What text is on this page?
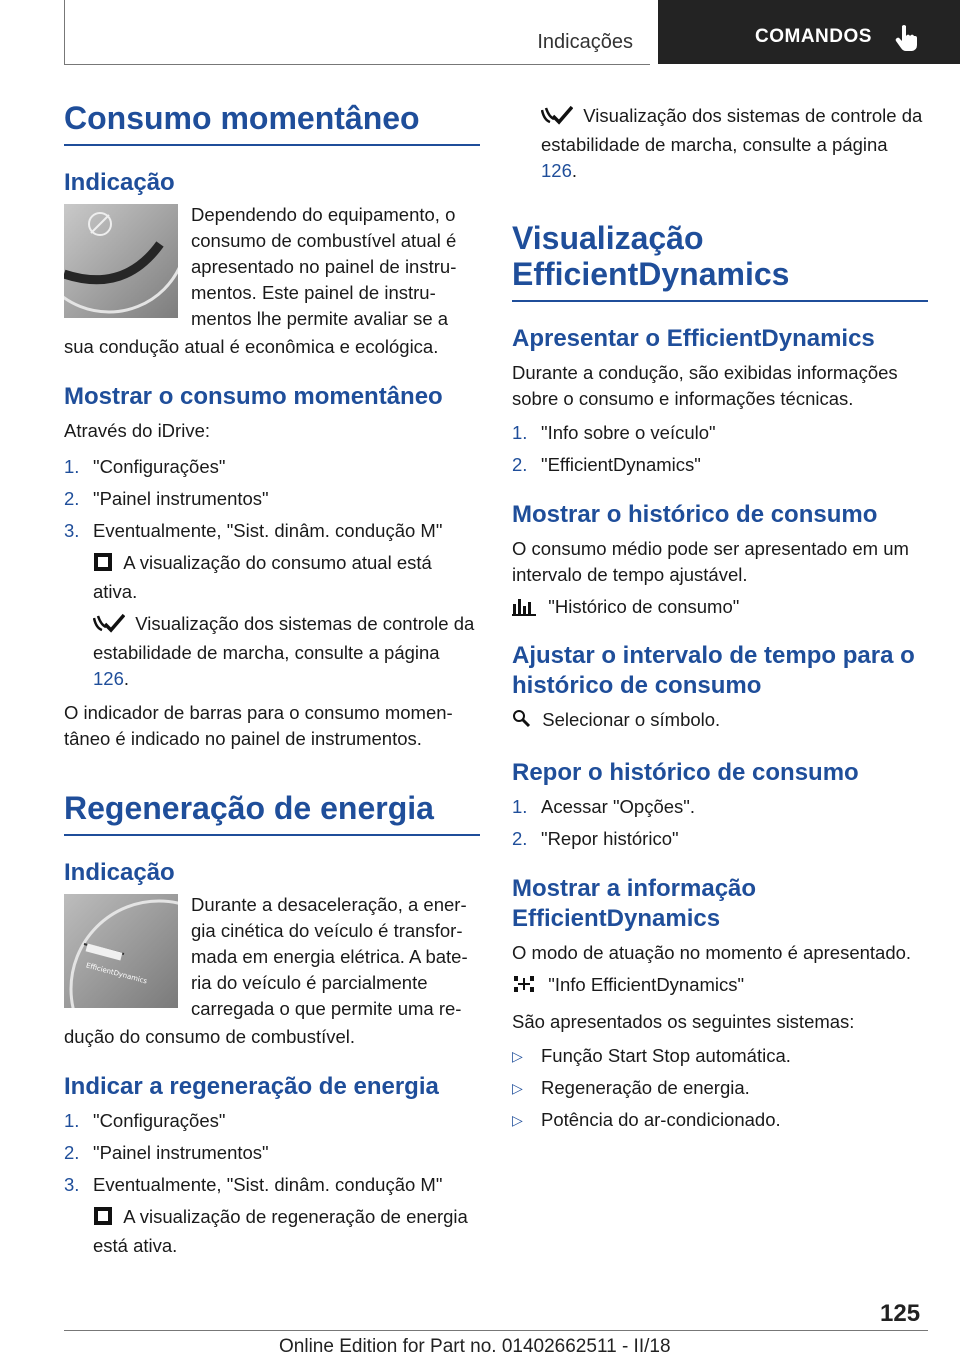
Indicações	COMANDOS
Consumo momentâneo
Indicação

Dependendo do equipamento, o

consumo de combustível atual é

apresentado no painel de instru-

mentos. Este painel de instru-

mentos lhe permite avaliar se a

sua condução atual é econômica e ecológica.

Mostrar o consumo momentâneo

Através do iDrive:

1. "Configurações"
2. "Painel instrumentos"
3. Eventualmente, "Sist. dinâm. condução M"
A visualização do consumo atual está ativa.
Visualização dos sistemas de controle da estabilidade de marcha, consulte a página 126.

O indicador de barras para o consumo momen-tâneo é indicado no painel de instrumentos.

Regeneração de energia
Indicação
EfficientDynamics

Durante a desaceleração, a ener-

gia cinética do veículo é transfor-

mada em energia elétrica. A bate-

ria do veículo é parcialmente

carregada o que permite uma re-

dução do consumo de combustível.

Indicar a regeneração de energia
1. "Configurações"
2. "Painel instrumentos"
3. Eventualmente, "Sist. dinâm. condução M"
A visualização de regeneração de energia está ativa.
Visualização dos sistemas de controle da estabilidade de marcha, consulte a página 126.
Visualização
EfficientDynamics
Apresentar o EfficientDynamics

Durante a condução, são exibidas informações sobre o consumo e informações técnicas.

1. "Info sobre o veículo"
2. "EfficientDynamics"
Mostrar o histórico de consumo

O consumo médio pode ser apresentado em um intervalo de tempo ajustável.

"Histórico de consumo"
Ajustar o intervalo de tempo para o histórico de consumo
Selecionar o símbolo.
Repor o histórico de consumo
1. Acessar "Opções".
2. "Repor histórico"
Mostrar a informação EfficientDynamics

O modo de atuação no momento é apresentado.

"Info EfficientDynamics"

São apresentados os seguintes sistemas:

▷ Função Start Stop automática.
▷ Regeneração de energia.
▷ Potência do ar-condicionado.
125
Online Edition for Part no. 01402662511 - II/18
